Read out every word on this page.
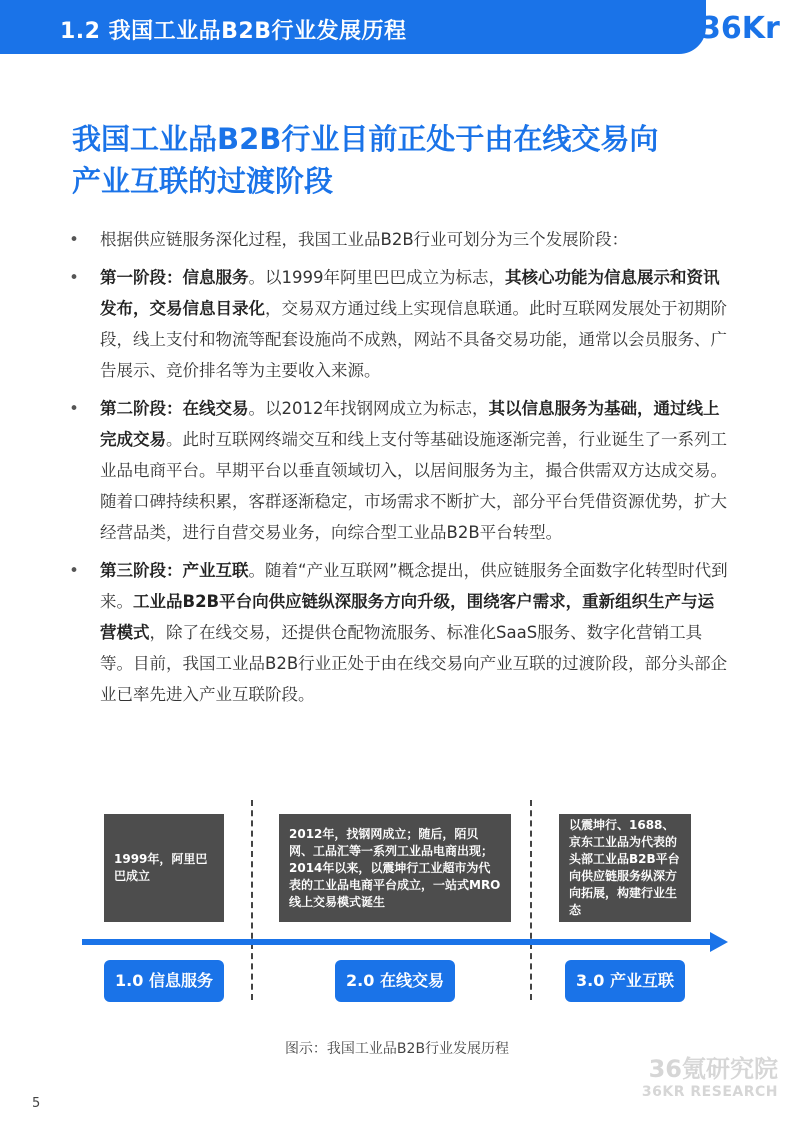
1.2 我国工业品B2B行业发展历程	36Kr
我国工业品B2B行业目前正处于由在线交易向
产业互联的过渡阶段
• 根据供应链服务深化过程，我国工业品B2B行业可划分为三个发展阶段：
• 第一阶段：信息服务。以1999年阿里巴巴成立为标志，其核心功能为信息展示和资讯发布，交易信息目录化，交易双方通过线上实现信息联通。此时互联网发展处于初期阶段，线上支付和物流等配套设施尚不成熟，网站不具备交易功能，通常以会员服务、广告展示、竞价排名等为主要收入来源。
• 第二阶段：在线交易。以2012年找钢网成立为标志，其以信息服务为基础，通过线上完成交易。此时互联网终端交互和线上支付等基础设施逐渐完善，行业诞生了一系列工业品电商平台。早期平台以垂直领域切入，以居间服务为主，撮合供需双方达成交易。随着口碑持续积累，客群逐渐稳定，市场需求不断扩大，部分平台凭借资源优势，扩大经营品类，进行自营交易业务，向综合型工业品B2B平台转型。
• 第三阶段：产业互联。随着“产业互联网”概念提出，供应链服务全面数字化转型时代到来。工业品B2B平台向供应链纵深服务方向升级，围绕客户需求，重新组织生产与运营模式，除了在线交易，还提供仓配物流服务、标准化SaaS服务、数字化营销工具等。目前，我国工业品B2B行业正处于由在线交易向产业互联的过渡阶段，部分头部企业已率先进入产业互联阶段。
1999年，阿里巴巴成立
2012年，找钢网成立；随后，陌贝网、工品汇等一系列工业品电商出现；2014年以来，以震坤行工业超市为代表的工业品电商平台成立，一站式MRO线上交易模式诞生
以震坤行、1688、京东工业品为代表的头部工业品B2B平台向供应链服务纵深方向拓展，构建行业生态
1.0 信息服务	2.0 在线交易	3.0 产业互联
图示：我国工业品B2B行业发展历程
36氪研究院
36KR RESEARCH
5
